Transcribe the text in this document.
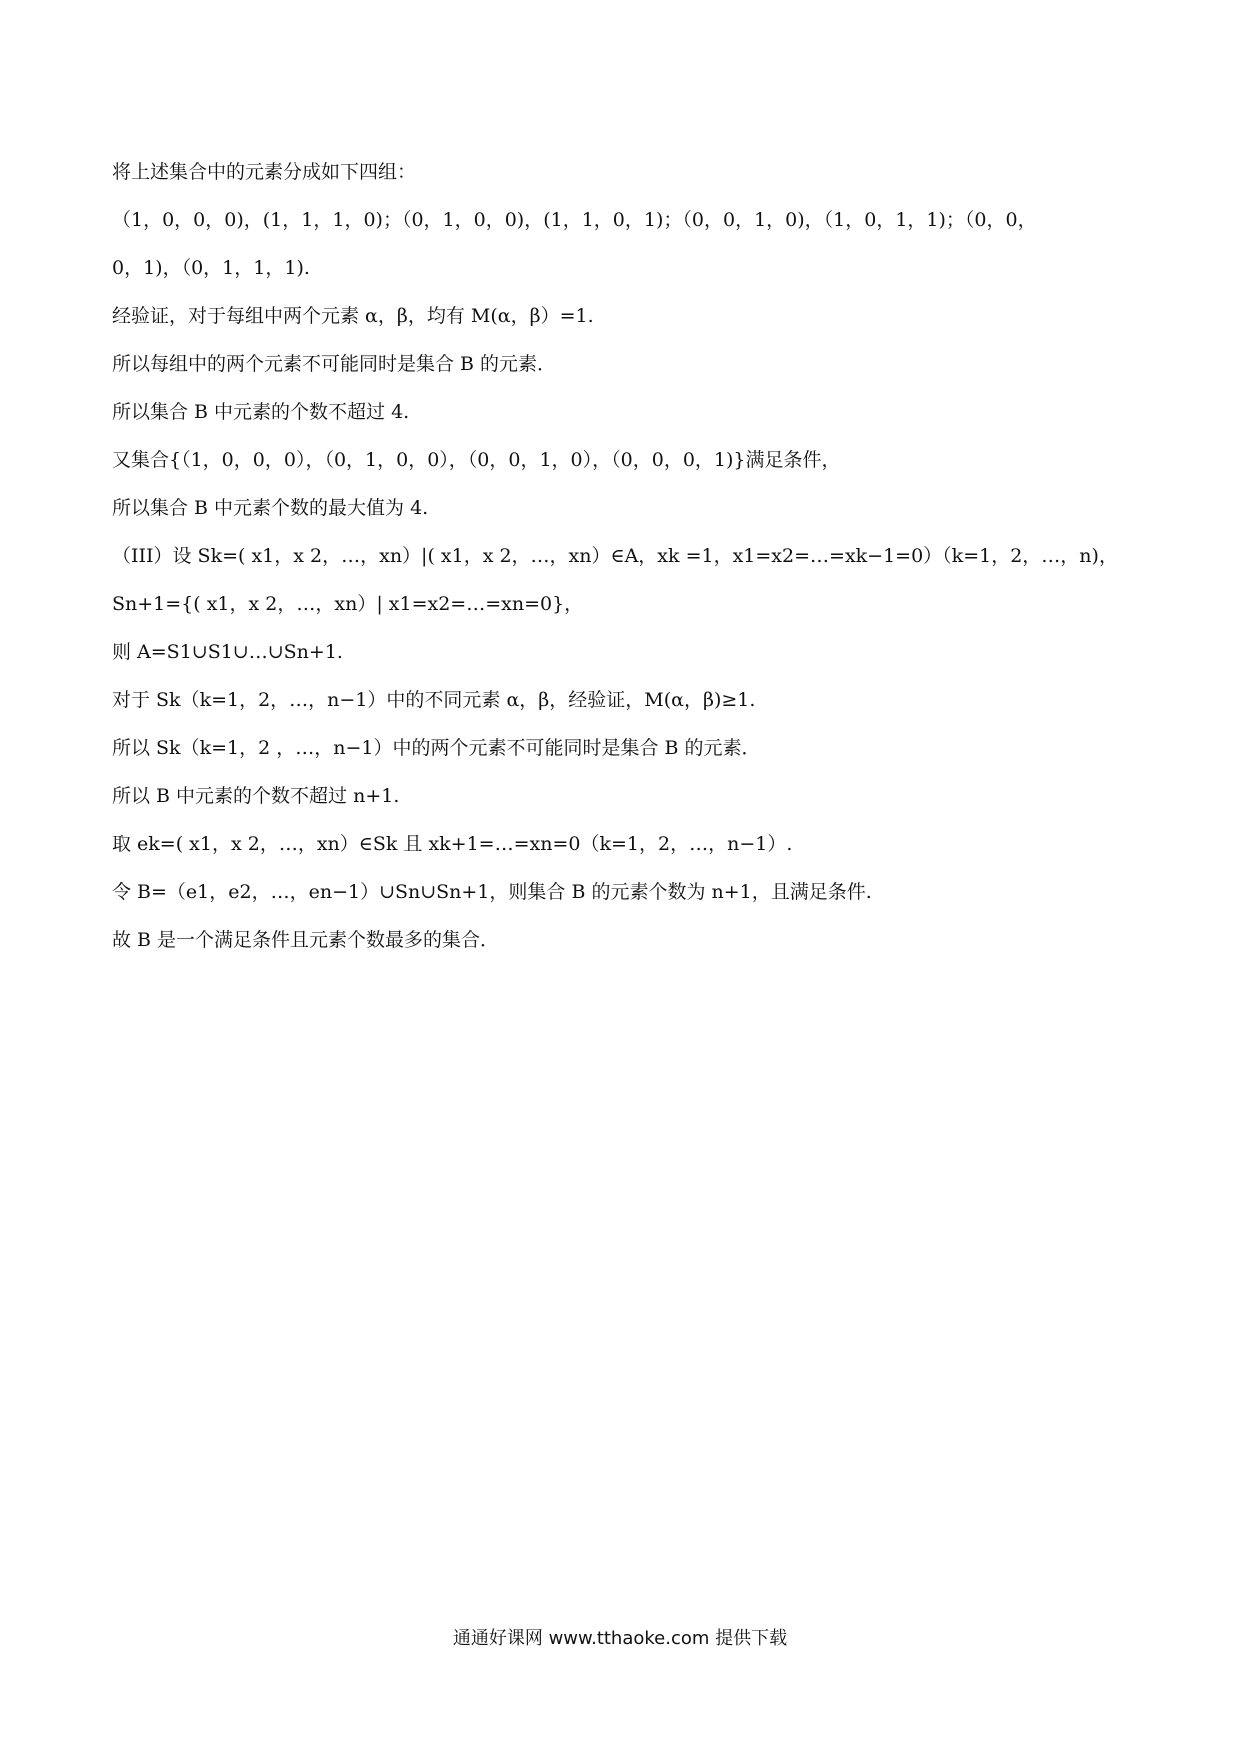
将上述集合中的元素分成如下四组：
（1，0，0，0)，(1，1，1，0)；（0，1，0，0)，(1，1，0，1)；（0，0，1，0)，（1，0，1，1)；（0，0，
0，1)，（0，1，1，1).
经验证，对于每组中两个元素 α，β，均有 M(α，β）=1.
所以每组中的两个元素不可能同时是集合 B 的元素．
所以集合 B 中元素的个数不超过 4.
又集合{（1，0，0，0），（0，1，0，0），（0，0，1，0），（0，0，0，1)}满足条件，
所以集合 B 中元素个数的最大值为 4.
（III）设 Sk=( x1，x 2，…，xn）|( x1，x 2，…，xn）∈A，xk =1，x1=x2=…=xk−1=0）（k=1，2，…，n)，
Sn+1={( x1，x 2，…，xn）| x1=x2=…=xn=0}，
则 A=S1∪S1∪…∪Sn+1.
对于 Sk（k=1，2，…，n−1）中的不同元素 α，β，经验证，M(α，β)≥1.
所以 Sk（k=1，2 ，…，n−1）中的两个元素不可能同时是集合 B 的元素．
所以 B 中元素的个数不超过 n+1.
取 ek=( x1，x 2，…，xn）∈Sk 且 xk+1=…=xn=0（k=1，2，…，n−1）.
令 B=（e1，e2，…，en−1）∪Sn∪Sn+1，则集合 B 的元素个数为 n+1，且满足条件.
故 B 是一个满足条件且元素个数最多的集合．
通通好课网 www.tthaoke.com 提供下载
